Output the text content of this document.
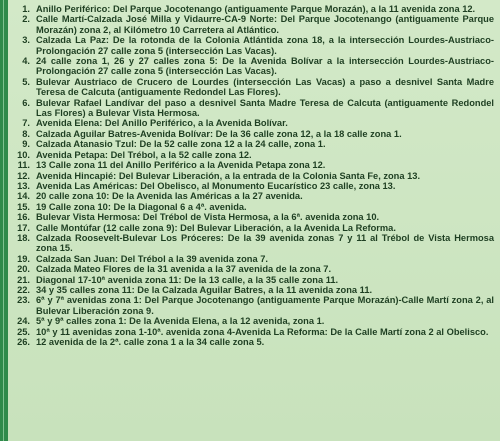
1. Anillo Periférico: Del Parque Jocotenango (antiguamente Parque Morazán), a la 11 avenida zona 12.
2. Calle Martí-Calzada José Milla y Vidaurre-CA-9 Norte: Del Parque Jocotenango (antiguamente Parque Morazán) zona 2, al Kilómetro 10 Carretera al Atlántico.
3. Calzada La Paz: De la rotonda de la Colonia Atlántida zona 18, a la intersección Lourdes-Austriaco-Prolongación 27 calle zona 5 (intersección Las Vacas).
4. 24 calle zona 1, 26 y 27 calles zona 5: De la Avenida Bolívar a la intersección Lourdes-Austriaco-Prolongación 27 calle zona 5 (intersección Las Vacas).
5. Bulevar Austriaco de Crucero de Lourdes (intersección Las Vacas) a paso a desnivel Santa Madre Teresa de Calcuta (antiguamente Redondel Las Flores).
6. Bulevar Rafael Landívar del paso a desnivel Santa Madre Teresa de Calcuta (antiguamente Redondel Las Flores) a Bulevar Vista Hermosa.
7. Avenida Elena: Del Anillo Periférico, a la Avenida Bolívar.
8. Calzada Aguilar Batres-Avenida Bolívar: De la 36 calle zona 12, a la 18 calle zona 1.
9. Calzada Atanasio Tzul: De la 52 calle zona 12 a la 24 calle, zona 1.
10. Avenida Petapa: Del Trébol, a la 52 calle zona 12.
11. 13 Calle zona 11 del Anillo Periférico a la Avenida Petapa zona 12.
12. Avenida Hincapié: Del Bulevar Liberación, a la entrada de la Colonia Santa Fe, zona 13.
13. Avenida Las Américas: Del Obelisco, al Monumento Eucarístico 23 calle, zona 13.
14. 20 calle zona 10: De la Avenida las Américas a la 27 avenida.
15. 19 Calle zona 10: De la Diagonal 6 a 4ª. avenida.
16. Bulevar Vista Hermosa: Del Trébol de Vista Hermosa, a la 6ª. avenida zona 10.
17. Calle Montúfar (12 calle zona 9): Del Bulevar Liberación, a la Avenida La Reforma.
18. Calzada Roosevelt-Bulevar Los Próceres: De la 39 avenida zonas 7 y 11 al Trébol de Vista Hermosa zona 15.
19. Calzada San Juan: Del Trébol a la 39 avenida zona 7.
20. Calzada Mateo Flores de la 31 avenida a la 37 avenida de la zona 7.
21. Diagonal 17-10ª avenida zona 11: De la 13 calle, a la 35 calle zona 11.
22. 34 y 35 calles zona 11: De la Calzada Aguilar Batres, a la 11 avenida zona 11.
23. 6ª y 7ª avenidas zona 1: Del Parque Jocotenango (antiguamente Parque Morazán)-Calle Martí zona 2, al Bulevar Liberación zona 9.
24. 5ª y 9ª calles zona 1: De la Avenida Elena, a la 12 avenida, zona 1.
25. 10ª y 11 avenidas zona 1-10ª. avenida zona 4-Avenida La Reforma: De la Calle Martí zona 2 al Obelisco.
26. 12 avenida de la 2ª. calle zona 1 a la 34 calle zona 5.
